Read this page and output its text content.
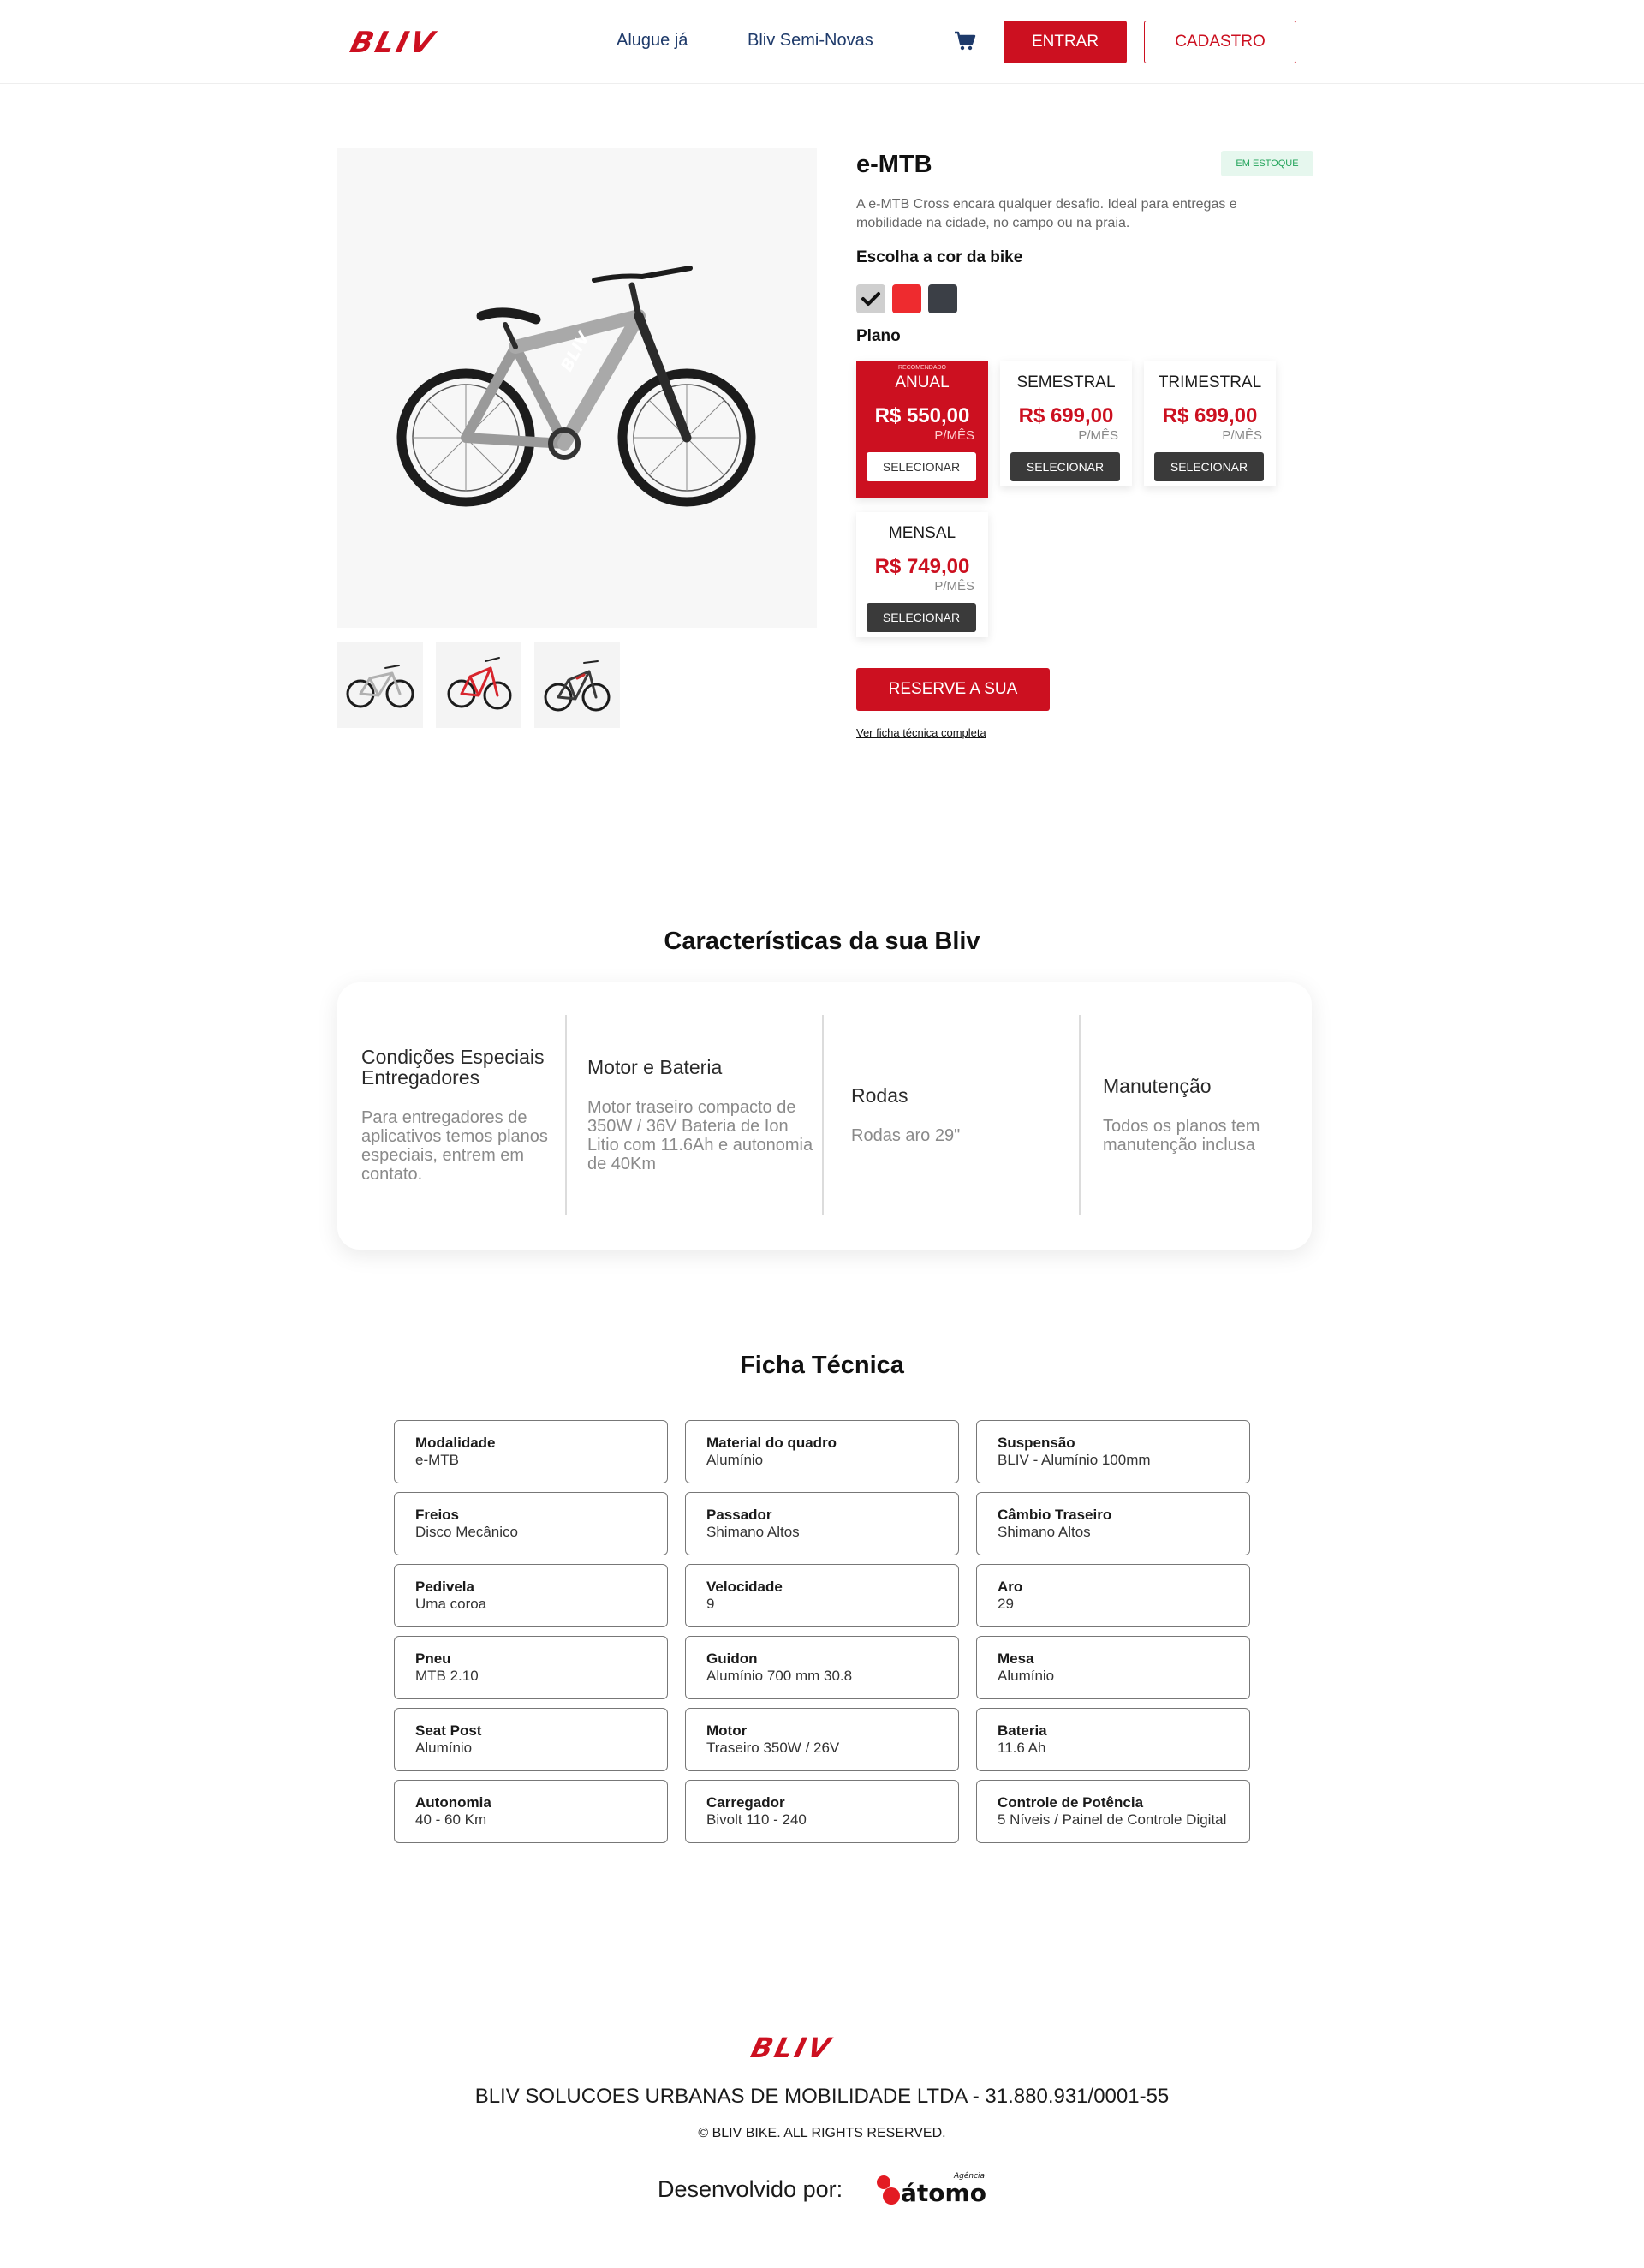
BLIV	Alugue já	Bliv Semi-Novas	ENTRAR	CADASTRO
BLIV
e-MTB	EM ESTOQUE

A e-MTB Cross encara qualquer desafio. Ideal para entregas e mobilidade na cidade, no campo ou na praia.

Escolha a cor da bike
Plano
RECOMENDADO
ANUAL
R$ 550,00
P/MÊS
SELECIONAR
SEMESTRAL
R$ 699,00
P/MÊS
SELECIONAR
TRIMESTRAL
R$ 699,00
P/MÊS
SELECIONAR
MENSAL
R$ 749,00
P/MÊS
SELECIONAR
RESERVE A SUA
Ver ficha técnica completa
Características da sua Bliv
Condições Especiais Entregadores
Para entregadores de aplicativos temos planos especiais, entrem em contato.
Motor e Bateria
Motor traseiro compacto de 350W / 36V Bateria de Ion Litio com 11.6Ah e autonomia de 40Km
Rodas
Rodas aro 29"
Manutenção
Todos os planos tem manutenção inclusa
Ficha Técnica
Modalidade
e-MTB
Material do quadro
Alumínio
Suspensão
BLIV - Alumínio 100mm
Freios
Disco Mecânico
Passador
Shimano Altos
Câmbio Traseiro
Shimano Altos
Pedivela
Uma coroa
Velocidade
9
Aro
29
Pneu
MTB 2.10
Guidon
Alumínio 700 mm 30.8
Mesa
Alumínio
Seat Post
Alumínio
Motor
Traseiro 350W / 26V
Bateria
11.6 Ah
Autonomia
40 - 60 Km
Carregador
Bivolt 110 - 240
Controle de Potência
5 Níveis / Painel de Controle Digital
BLIV
BLIV SOLUCOES URBANAS DE MOBILIDADE LTDA - 31.880.931/0001-55
© BLIV BIKE. ALL RIGHTS RESERVED.
Desenvolvido por:	Agência
átomo
